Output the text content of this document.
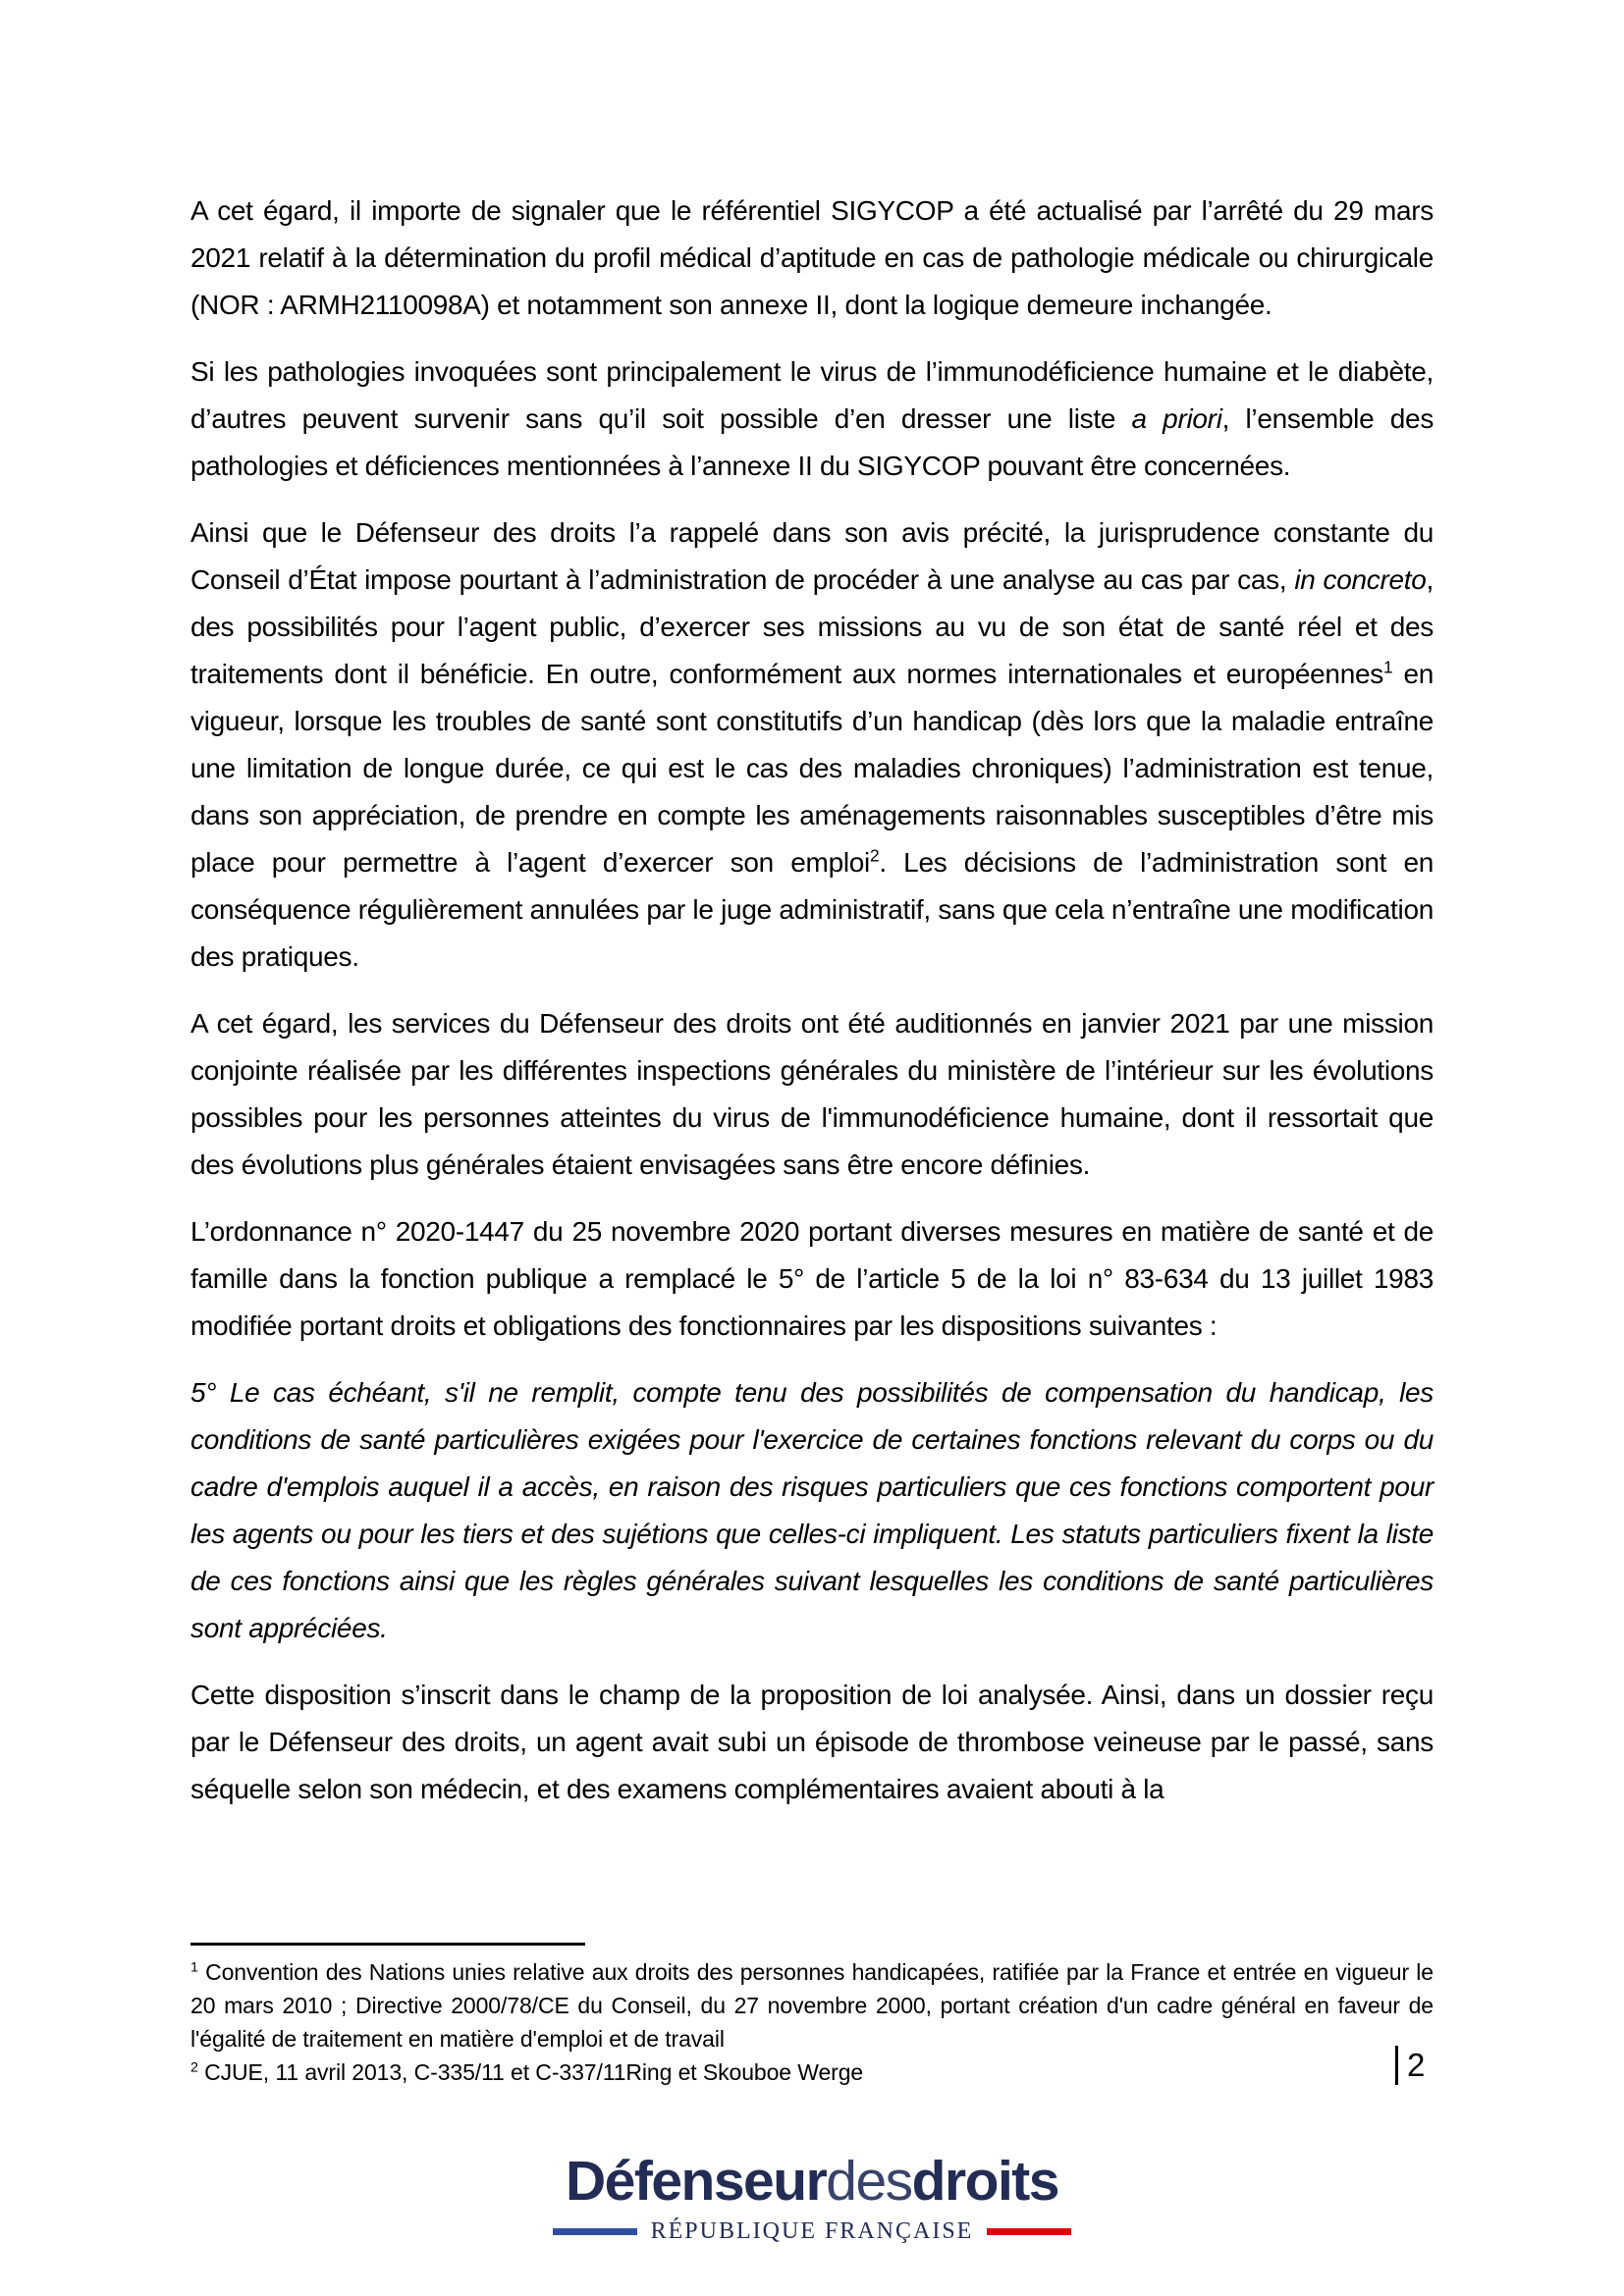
A cet égard, il importe de signaler que le référentiel SIGYCOP a été actualisé par l’arrêté du 29 mars 2021 relatif à la détermination du profil médical d’aptitude en cas de pathologie médicale ou chirurgicale (NOR : ARMH2110098A) et notamment son annexe II, dont la logique demeure inchangée.
Si les pathologies invoquées sont principalement le virus de l’immunodéficience humaine et le diabète, d’autres peuvent survenir sans qu’il soit possible d’en dresser une liste a priori, l’ensemble des pathologies et déficiences mentionnées à l’annexe II du SIGYCOP pouvant être concernées.
Ainsi que le Défenseur des droits l’a rappelé dans son avis précité, la jurisprudence constante du Conseil d’État impose pourtant à l’administration de procéder à une analyse au cas par cas, in concreto, des possibilités pour l’agent public, d’exercer ses missions au vu de son état de santé réel et des traitements dont il bénéficie. En outre, conformément aux normes internationales et européennes$^1$ en vigueur, lorsque les troubles de santé sont constitutifs d’un handicap (dès lors que la maladie entraîne une limitation de longue durée, ce qui est le cas des maladies chroniques) l’administration est tenue, dans son appréciation, de prendre en compte les aménagements raisonnables susceptibles d’être mis place pour permettre à l’agent d’exercer son emploi$^2$. Les décisions de l’administration sont en conséquence régulièrement annulées par le juge administratif, sans que cela n’entraîne une modification des pratiques.
A cet égard, les services du Défenseur des droits ont été auditionnés en janvier 2021 par une mission conjointe réalisée par les différentes inspections générales du ministère de l’intérieur sur les évolutions possibles pour les personnes atteintes du virus de l'immunodéficience humaine, dont il ressortait que des évolutions plus générales étaient envisagées sans être encore définies.
L’ordonnance n° 2020-1447 du 25 novembre 2020 portant diverses mesures en matière de santé et de famille dans la fonction publique a remplacé le 5° de l’article 5 de la loi n° 83-634 du 13 juillet 1983 modifiée portant droits et obligations des fonctionnaires par les dispositions suivantes :
5° Le cas échéant, s'il ne remplit, compte tenu des possibilités de compensation du handicap, les conditions de santé particulières exigées pour l'exercice de certaines fonctions relevant du corps ou du cadre d'emplois auquel il a accès, en raison des risques particuliers que ces fonctions comportent pour les agents ou pour les tiers et des sujétions que celles-ci impliquent. Les statuts particuliers fixent la liste de ces fonctions ainsi que les règles générales suivant lesquelles les conditions de santé particulières sont appréciées.
Cette disposition s’inscrit dans le champ de la proposition de loi analysée. Ainsi, dans un dossier reçu par le Défenseur des droits, un agent avait subi un épisode de thrombose veineuse par le passé, sans séquelle selon son médecin, et des examens complémentaires avaient abouti à la
$^1$ Convention des Nations unies relative aux droits des personnes handicapées, ratifiée par la France et entrée en vigueur le 20 mars 2010 ; Directive 2000/78/CE du Conseil, du 27 novembre 2000, portant création d'un cadre général en faveur de l'égalité de traitement en matière d'emploi et de travail
$^2$ CJUE, 11 avril 2013, C-335/11 et C-337/11Ring et Skouboe Werge	2
Défenseurdesdroits
RÉPUBLIQUE FRANÇAISE
